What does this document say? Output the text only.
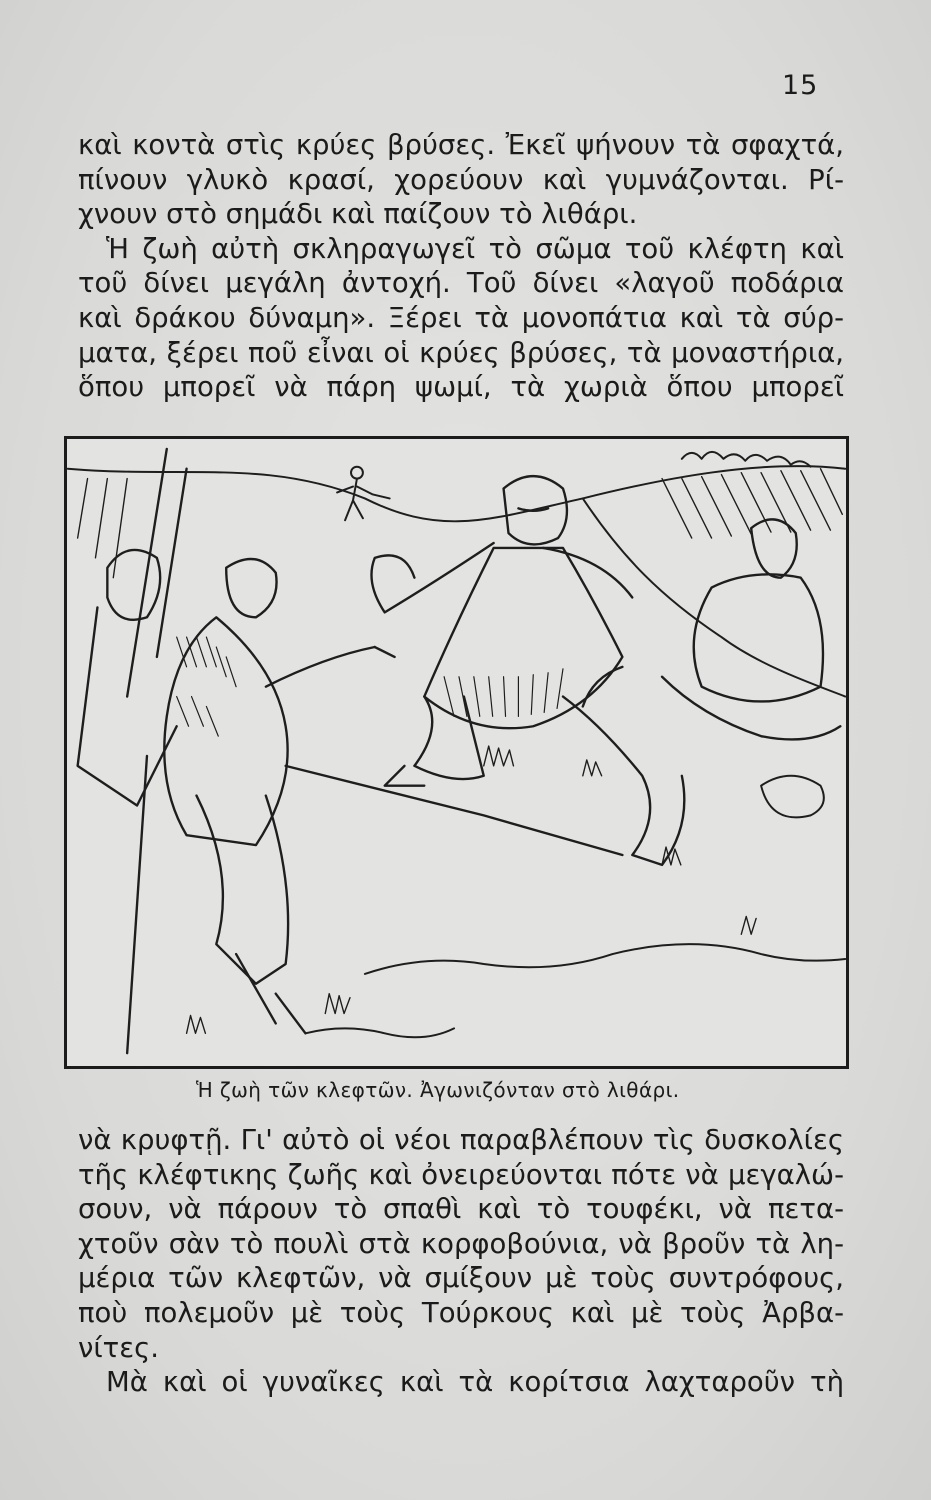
15
καὶ κοντὰ στὶς κρύες βρύσες. Ἐκεῖ ψήνουν τὰ σφαχτά,
πίνουν γλυκὸ κρασί, χορεύουν καὶ γυμνάζονται. Ρί-
χνουν στὸ σημάδι καὶ παίζουν τὸ λιθάρι.
Ἡ ζωὴ αὐτὴ σκληραγωγεῖ τὸ σῶμα τοῦ κλέφτη καὶ
τοῦ δίνει μεγάλη ἀντοχή. Τοῦ δίνει «λαγοῦ ποδάρια
καὶ δράκου δύναμη». Ξέρει τὰ μονοπάτια καὶ τὰ σύρ-
ματα, ξέρει ποῦ εἶναι οἱ κρύες βρύσες, τὰ μοναστήρια,
ὅπου μπορεῖ νὰ πάρη ψωμί, τὰ χωριὰ ὅπου μπορεῖ
Ἡ ζωὴ τῶν κλεφτῶν. Ἀγωνιζόνταν στὸ λιθάρι.
νὰ κρυφτῇ. Γι' αὐτὸ οἱ νέοι παραβλέπουν τὶς δυσκολίες
τῆς κλέφτικης ζωῆς καὶ ὀνειρεύονται πότε νὰ μεγαλώ-
σουν, νὰ πάρουν τὸ σπαθὶ καὶ τὸ τουφέκι, νὰ πετα-
χτοῦν σὰν τὸ πουλὶ στὰ κορφοβούνια, νὰ βροῦν τὰ λη-
μέρια τῶν κλεφτῶν, νὰ σμίξουν μὲ τοὺς συντρόφους,
ποὺ πολεμοῦν μὲ τοὺς Τούρκους καὶ μὲ τοὺς Ἀρβα-
νίτες.
Μὰ καὶ οἱ γυναῖκες καὶ τὰ κορίτσια λαχταροῦν τὴ
